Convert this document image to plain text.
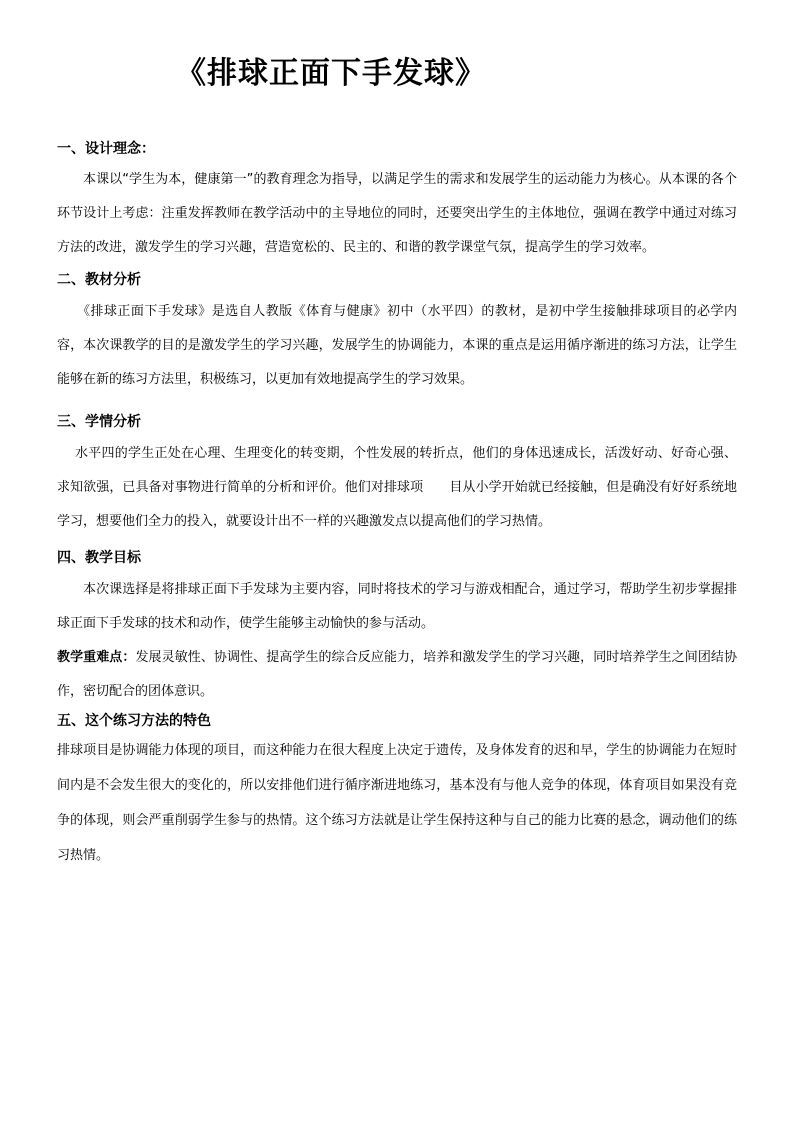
《排球正面下手发球》
一、设计理念：
本课以“学生为本，健康第一”的教育理念为指导，以满足学生的需求和发展学生的运动能力为核心。从本课的各个环节设计上考虑：注重发挥教师在教学活动中的主导地位的同时，还要突出学生的主体地位，强调在教学中通过对练习方法的改进，激发学生的学习兴趣，营造宽松的、民主的、和谐的教学课堂气氛，提高学生的学习效率。
二、教材分析
《排球正面下手发球》是选自人教版《体育与健康》初中（水平四）的教材，是初中学生接触排球项目的必学内容，本次课教学的目的是激发学生的学习兴趣，发展学生的协调能力，本课的重点是运用循序渐进的练习方法，让学生能够在新的练习方法里，积极练习，以更加有效地提高学生的学习效果。
三、学情分析
水平四的学生正处在心理、生理变化的转变期，个性发展的转折点，他们的身体迅速成长，活泼好动、好奇心强、求知欲强，已具备对事物进行简单的分析和评价。他们对排球项　　目从小学开始就已经接触，但是确没有好好系统地学习，想要他们全力的投入，就要设计出不一样的兴趣激发点以提高他们的学习热情。
四、教学目标
本次课选择是将排球正面下手发球为主要内容，同时将技术的学习与游戏相配合，通过学习，帮助学生初步掌握排球正面下手发球的技术和动作，使学生能够主动愉快的参与活动。
教学重难点：发展灵敏性、协调性、提高学生的综合反应能力，培养和激发学生的学习兴趣，同时培养学生之间团结协作，密切配合的团体意识。
五、这个练习方法的特色
排球项目是协调能力体现的项目，而这种能力在很大程度上决定于遗传，及身体发育的迟和早，学生的协调能力在短时间内是不会发生很大的变化的，所以安排他们进行循序渐进地练习，基本没有与他人竞争的体现，体育项目如果没有竞争的体现，则会严重削弱学生参与的热情。这个练习方法就是让学生保持这种与自己的能力比赛的悬念，调动他们的练习热情。
